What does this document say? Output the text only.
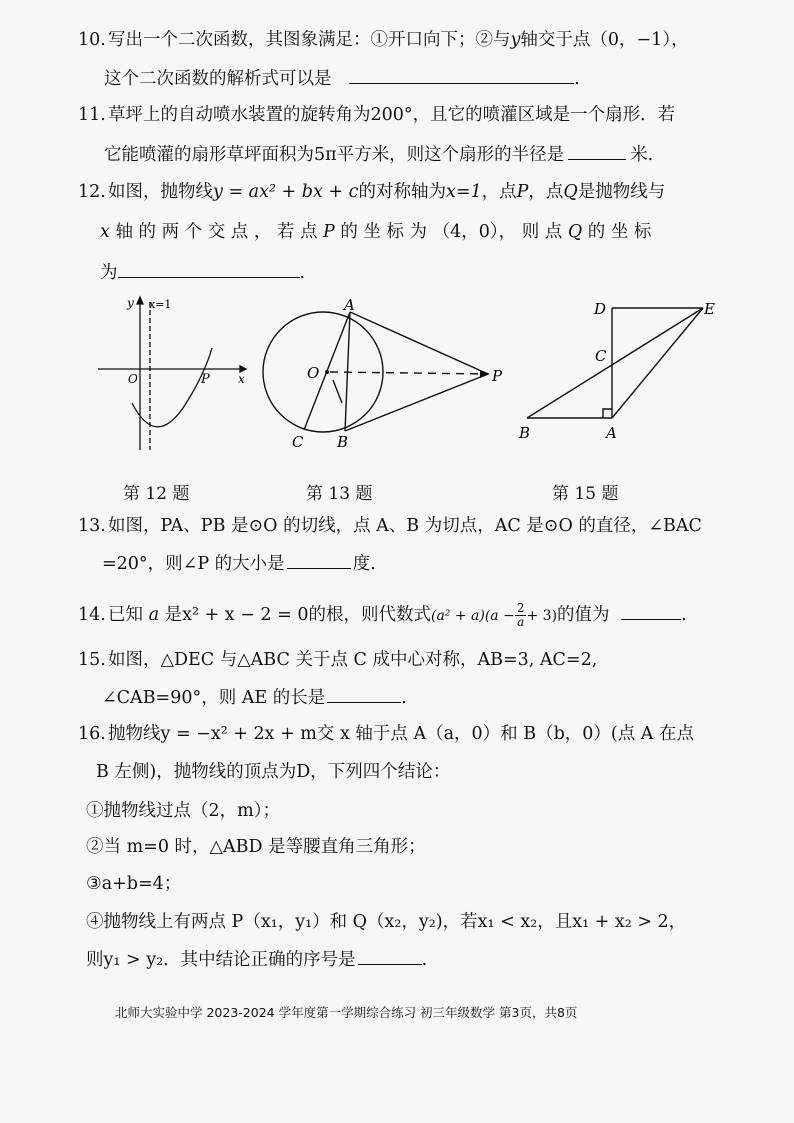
10. 写出一个二次函数，其图象满足：①开口向下；②与y轴交于点（0，−1），
这个二次函数的解析式可以是	.
11. 草坪上的自动喷水装置的旋转角为200°，且它的喷灌区域是一个扇形．若
它能喷灌的扇形草坪面积为5π平方米，则这个扇形的半径是	米.
12. 如图，抛物线y = ax² + bx + c的对称轴为x=1，点P，点Q是抛物线与
x 轴 的 两 个 交 点 ， 若 点 P 的 坐 标 为 （4，0）， 则 点 Q 的 坐 标
为	.
y x=1
O	P x
A
O	P
C B
D	E
C
B	A
第 12 题	第 13 题	第 15 题
13. 如图，PA、PB 是⊙O 的切线，点 A、B 为切点，AC 是⊙O 的直径，∠BAC
=20°，则∠P 的大小是	度.
14. 已知 a 是x² + x − 2 = 0的根，则代数式$(a^2 + a)(a - \frac{2}{a} + 3)$的值为	.
15. 如图，△DEC 与△ABC 关于点 C 成中心对称，AB=3, AC=2,
∠CAB=90°，则 AE 的长是	.
16. 抛物线y = −x² + 2x + m交 x 轴于点 A（a，0）和 B（b，0）(点 A 在点
B 左侧)，抛物线的顶点为D，下列四个结论：
①抛物线过点（2，m）；
②当 m=0 时，△ABD 是等腰直角三角形；
③a+b=4；
④抛物线上有两点 P（x₁，y₁）和 Q（x₂，y₂)，若x₁ < x₂，且x₁ + x₂ > 2，
则y₁ > y₂．其中结论正确的序号是	.
北师大实验中学 2023-2024 学年度第一学期综合练习 初三年级数学 第3页，共8页
